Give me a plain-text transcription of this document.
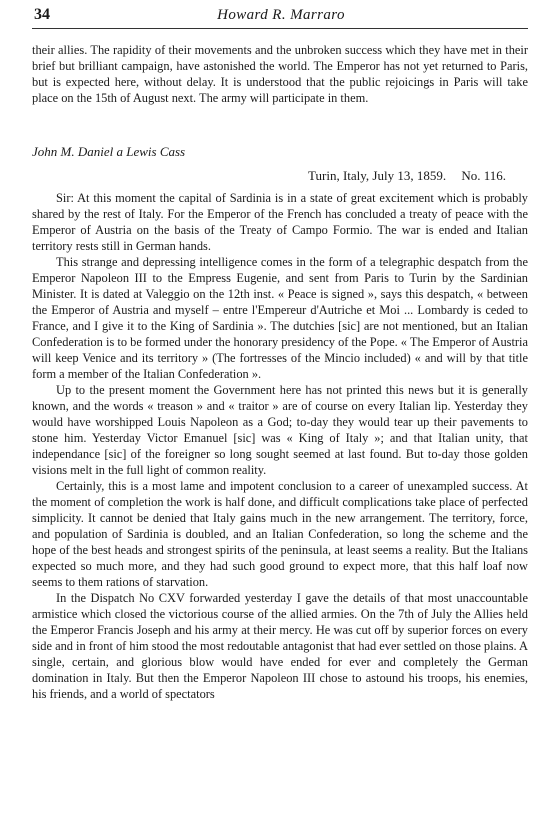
34	Howard R. Marraro

their allies. The rapidity of their movements and the unbroken success which they have met in their brief but brilliant campaign, have astonished the world. The Emperor has not yet returned to Paris, but is expected here, without delay. It is understood that the public rejoicings in Paris will take place on the 15th of August next. The army will participate in them.

John M. Daniel a Lewis Cass
Turin, Italy, July 13, 1859. No. 116.

Sir: At this moment the capital of Sardinia is in a state of great excitement which is probably shared by the rest of Italy. For the Emperor of the French has concluded a treaty of peace with the Emperor of Austria on the basis of the Treaty of Campo Formio. The war is ended and Italian territory rests still in German hands.

This strange and depressing intelligence comes in the form of a telegraphic despatch from the Emperor Napoleon III to the Empress Eugenie, and sent from Paris to Turin by the Sardinian Minister. It is dated at Valeggio on the 12th inst. « Peace is signed », says this despatch, « between the Emperor of Austria and myself – entre l'Empereur d'Autriche et Moi ... Lombardy is ceded to France, and I give it to the King of Sardinia ». The dutchies [sic] are not mentioned, but an Italian Confederation is to be formed under the honorary presidency of the Pope. « The Emperor of Austria will keep Venice and its territory » (The fortresses of the Mincio included) « and will by that title form a member of the Italian Confederation ».

Up to the present moment the Government here has not printed this news but it is generally known, and the words « treason » and « traitor » are of course on every Italian lip. Yesterday they would have worshipped Louis Napoleon as a God; to-day they would tear up their pavements to stone him. Yesterday Victor Emanuel [sic] was « King of Italy »; and that Italian unity, that independance [sic] of the foreigner so long sought seemed at last found. But to-day those golden visions melt in the full light of common reality.

Certainly, this is a most lame and impotent conclusion to a career of unexampled success. At the moment of completion the work is half done, and difficult complications take place of perfected simplicity. It cannot be denied that Italy gains much in the new arrangement. The territory, force, and population of Sardinia is doubled, and an Italian Confederation, so long the scheme and the hope of the best heads and strongest spirits of the peninsula, at least seems a reality. But the Italians expected so much more, and they had such good ground to expect more, that this half loaf now seems to them rations of starvation.

In the Dispatch No CXV forwarded yesterday I gave the details of that most unaccountable armistice which closed the victorious course of the allied armies. On the 7th of July the Allies held the Emperor Francis Joseph and his army at their mercy. He was cut off by superior forces on every side and in front of him stood the most redoutable antagonist that had ever settled on those plains. A single, certain, and glorious blow would have ended for ever and completely the German domination in Italy. But then the Emperor Napoleon III chose to astound his troops, his enemies, his friends, and a world of spectators
